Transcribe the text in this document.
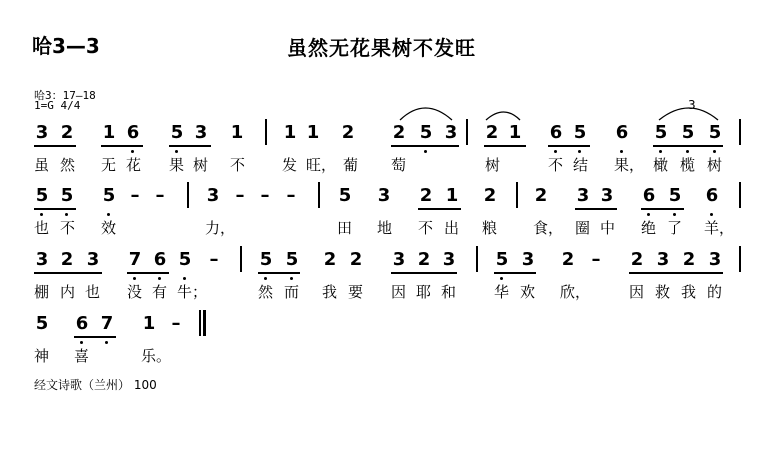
哈3—3	虽然无花果树不发旺
哈3：17—18
1=G 4/4
3 2 1 6 5 3 1 1 1 2 2 5 3 2 1 6 5 6 5 5 5
3
虽 然 无 花 果 树 不 发 旺， 葡 萄	树	不 结 果， 橄 榄 树
5 5 5 – – 3 – – – 5 3 2 1 2 2 3 3 6 5 6
也 不 效	力，	田 地 不 出 粮 食， 圈 中 绝 了 羊，
3 2 3 7 6 5 – 5 5 2 2 3 2 3 5 3 2 – 2 3 2 3
棚 内 也 没 有 牛；	然 而 我 要 因 耶 和	华 欢 欣，	因 救 我 的
5 6 7 1 –
神 喜	乐。
经文诗歌（兰州） 100
